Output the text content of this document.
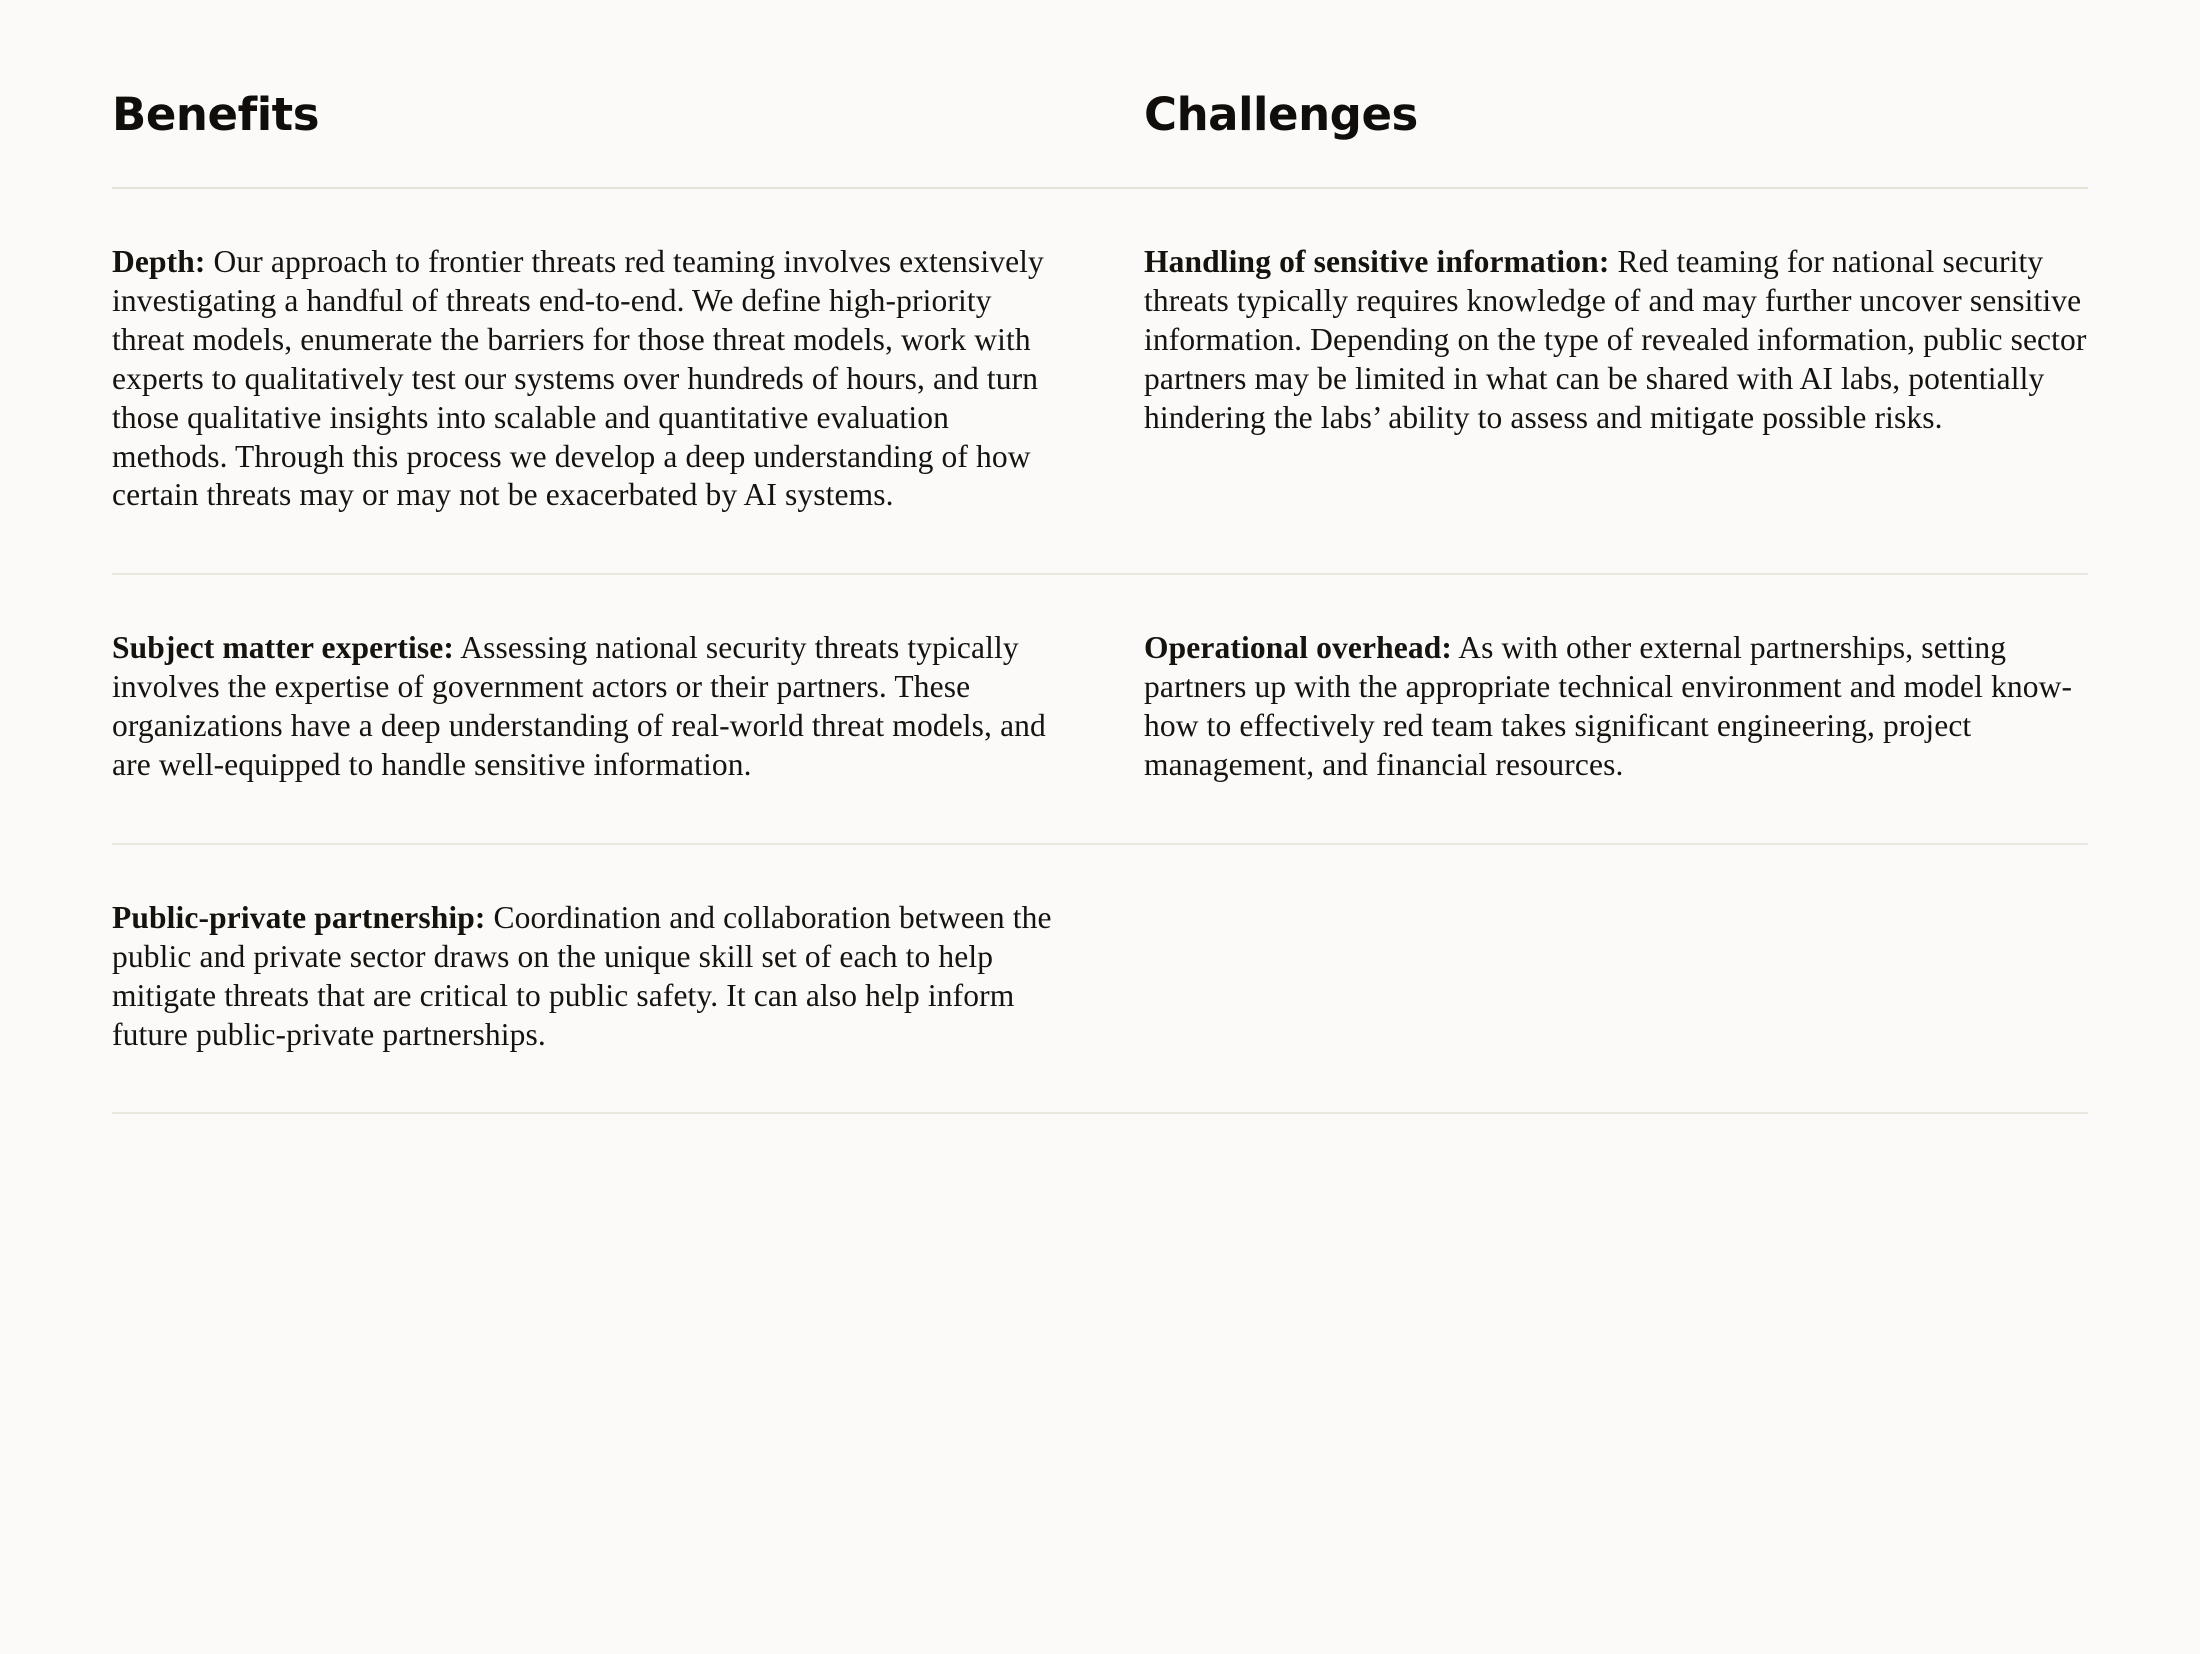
Benefits	Challenges

Depth: Our approach to frontier threats red teaming involves extensively investigating a handful of threats end-to-end. We define high-priority threat models, enumerate the barriers for those threat models, work with experts to qualitatively test our systems over hundreds of hours, and turn those qualitative insights into scalable and quantitative evaluation methods. Through this process we develop a deep understanding of how certain threats may or may not be exacerbated by AI systems.

Handling of sensitive information: Red teaming for national security threats typically requires knowledge of and may further uncover sensitive information. Depending on the type of revealed information, public sector partners may be limited in what can be shared with AI labs, potentially hindering the labs’ ability to assess and mitigate possible risks.

Subject matter expertise: Assessing national security threats typically involves the expertise of government actors or their partners. These organizations have a deep understanding of real-world threat models, and are well-equipped to handle sensitive information.

Operational overhead: As with other external partnerships, setting partners up with the appropriate technical environment and model know-how to effectively red team takes significant engineering, project management, and financial resources.

Public-private partnership: Coordination and collaboration between the public and private sector draws on the unique skill set of each to help mitigate threats that are critical to public safety. It can also help inform future public-private partnerships.
